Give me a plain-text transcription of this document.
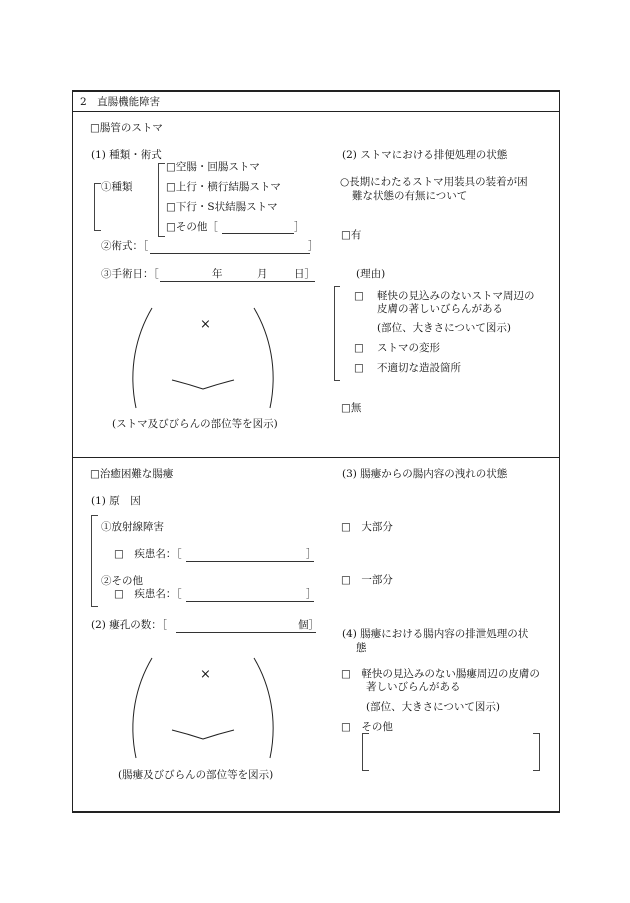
2　直腸機能障害
□腸管のストマ
(1) 種類・術式
①種類
□空腸・回腸ストマ
□上行・横行結腸ストマ
□下行・S状結腸ストマ
□その他［	］
②術式：［	］
③手術日：［	年	月	日］
×
(ストマ及びびらんの部位等を図示)
(2) ストマにおける排便処理の状態
○長期にわたるストマ用装具の装着が困
難な状態の有無について
□有
(理由)
□ 軽快の見込みのないストマ周辺の
皮膚の著しいびらんがある
(部位、大きさについて図示)
□ ストマの変形
□ 不適切な造設箇所
□無
□治癒困難な腸瘻
(1) 原　因
①放射線障害
□　疾患名：［	］
②その他
□　疾患名：［	］
(2) 瘻孔の数：［	個］
×
(腸瘻及びびらんの部位等を図示)
(3) 腸瘻からの腸内容の洩れの状態
□　大部分
□　一部分
(4) 腸瘻における腸内容の排泄処理の状
態
□　軽快の見込みのない腸瘻周辺の皮膚の
著しいびらんがある
(部位、大きさについて図示)
□　その他
